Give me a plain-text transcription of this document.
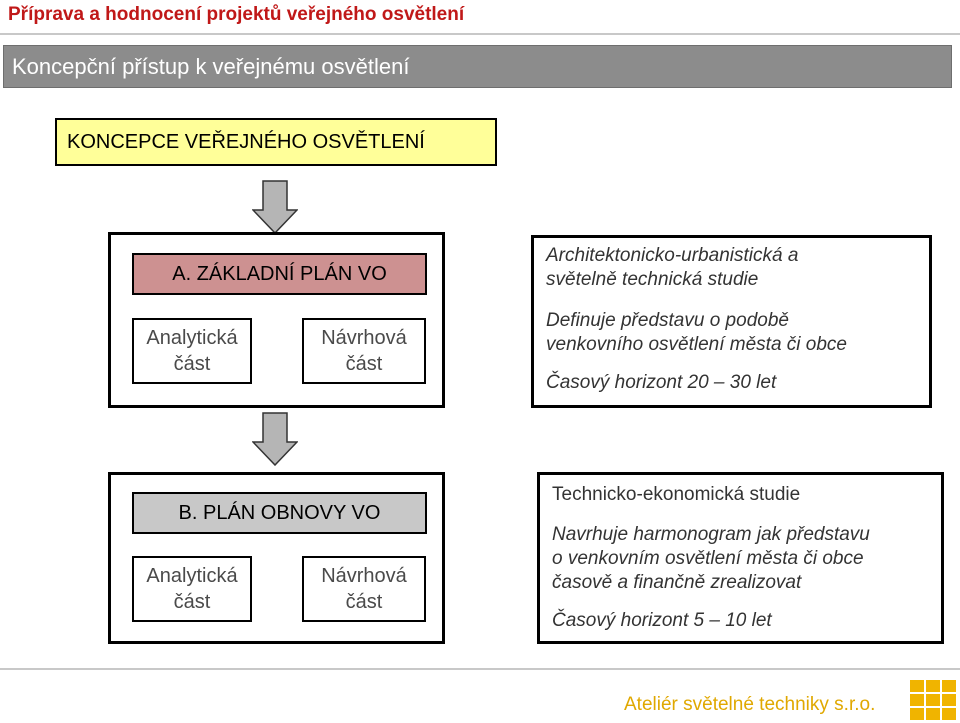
Příprava a hodnocení projektů veřejného osvětlení
Koncepční přístup k veřejnému osvětlení
KONCEPCE VEŘEJNÉHO OSVĚTLENÍ
A. ZÁKLADNÍ PLÁN VO
Analytická
část
Návrhová
část
Architektonicko-urbanistická a
světelně technická studie
Definuje představu o podobě
venkovního osvětlení města či obce
Časový horizont 20 – 30 let
B. PLÁN OBNOVY VO
Analytická
část
Návrhová
část
Technicko-ekonomická studie
Navrhuje harmonogram jak představu
o venkovním osvětlení města či obce
časově a finančně zrealizovat
Časový horizont 5 – 10 let
Ateliér světelné techniky s.r.o.
